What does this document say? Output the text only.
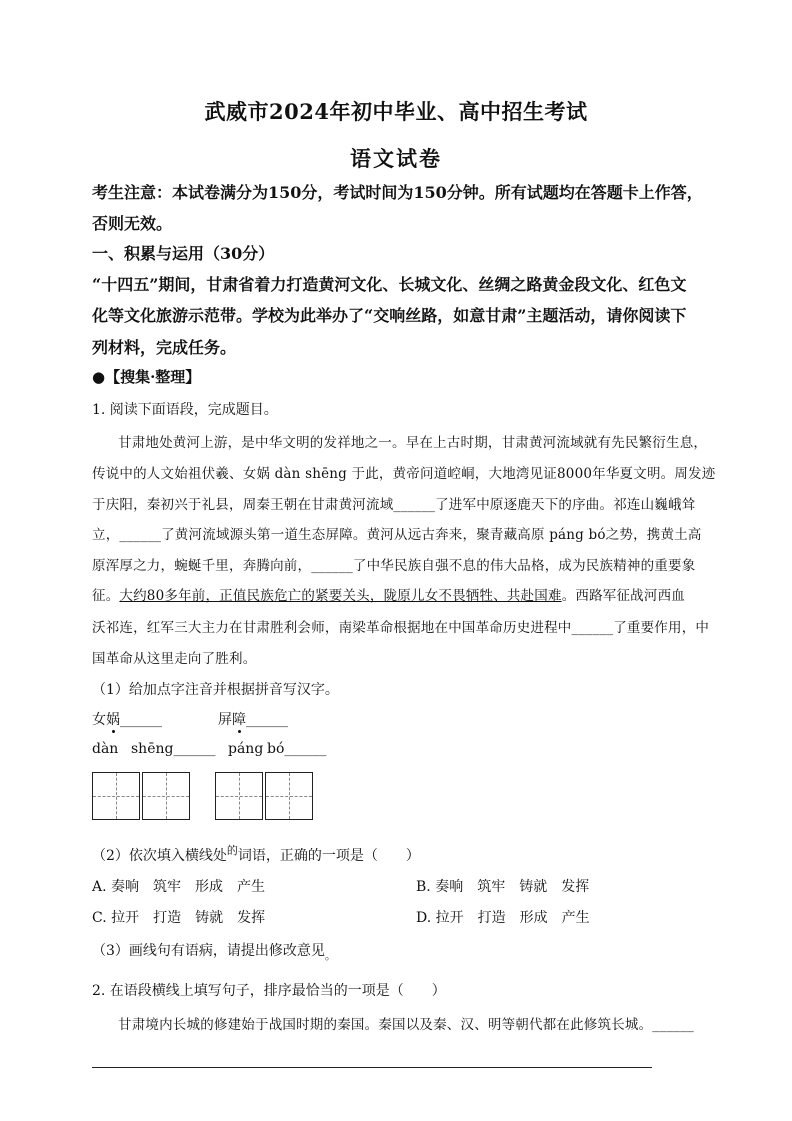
武威市2024年初中毕业、高中招生考试
语文试卷
考生注意：本试卷满分为150分，考试时间为150分钟。所有试题均在答题卡上作答，
否则无效。
一、积累与运用（30分）
“十四五”期间，甘肃省着力打造黄河文化、长城文化、丝绸之路黄金段文化、红色文
化等文化旅游示范带。学校为此举办了“交响丝路，如意甘肃”主题活动，请你阅读下
列材料，完成任务。
●【搜集·整理】
1. 阅读下面语段，完成题目。
甘肃地处黄河上游，是中华文明的发祥地之一。早在上古时期，甘肃黄河流域就有先民繁衍生息，
传说中的人文始祖伏羲、女娲 dàn shēng 于此，黄帝问道崆峒，大地湾见证8000年华夏文明。周发迹
于庆阳，秦初兴于礼县，周秦王朝在甘肃黄河流域______了进军中原逐鹿天下的序曲。祁连山巍峨耸
立，______了黄河流域源头第一道生态屏障。黄河从远古奔来，聚青藏高原 páng bó之势，携黄土高
原浑厚之力，蜿蜒千里，奔腾向前，______了中华民族自强不息的伟大品格，成为民族精神的重要象
征。大约80多年前，正值民族危亡的紧要关头，陇原儿女不畏牺牲、共赴国难。西路军征战河西血
沃祁连，红军三大主力在甘肃胜利会师，南梁革命根据地在中国革命历史进程中______了重要作用，中
国革命从这里走向了胜利。
（1）给加点字注音并根据拼音写汉字。
女娲______	屏障______
dàn shēng______ páng bó______
（2）依次填入横线处$^的$词语，正确的一项是（　　）
A. 奏响　筑牢　形成　产生	B. 奏响　筑牢　铸就　发挥
C. 拉开　打造　铸就　发挥	D. 拉开　打造　形成　产生
（3）画线句有语病，请提出修改意见$_。$
2. 在语段横线上填写句子，排序最恰当的一项是（　　）
甘肃境内长城的修建始于战国时期的秦国。秦国以及秦、汉、明等朝代都在此修筑长城。______
